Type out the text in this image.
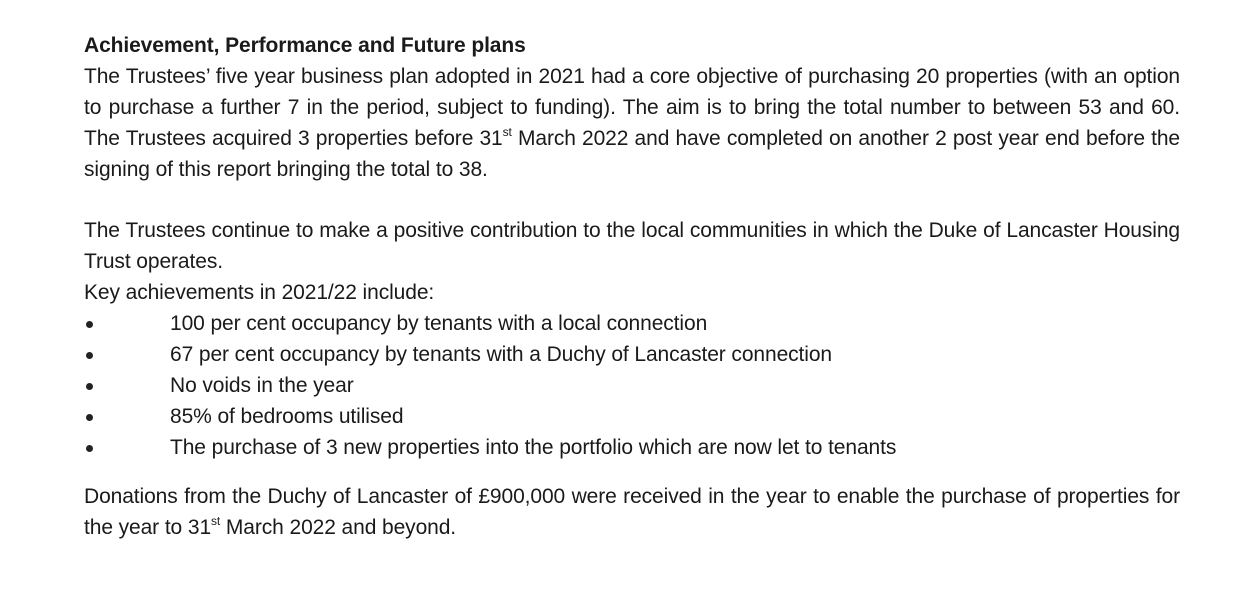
Achievement, Performance and Future plans

The Trustees’ five year business plan adopted in 2021 had a core objective of purchasing 20 properties (with an option to purchase a further 7 in the period, subject to funding). The aim is to bring the total number to between 53 and 60. The Trustees acquired 3 properties before 31st March 2022 and have completed on another 2 post year end before the signing of this report bringing the total to 38.

The Trustees continue to make a positive contribution to the local communities in which the Duke of Lancaster Housing Trust operates.

Key achievements in 2021/22 include:

100 per cent occupancy by tenants with a local connection
67 per cent occupancy by tenants with a Duchy of Lancaster connection
No voids in the year
85% of bedrooms utilised
The purchase of 3 new properties into the portfolio which are now let to tenants

Donations from the Duchy of Lancaster of £900,000 were received in the year to enable the purchase of properties for the year to 31st March 2022 and beyond.
